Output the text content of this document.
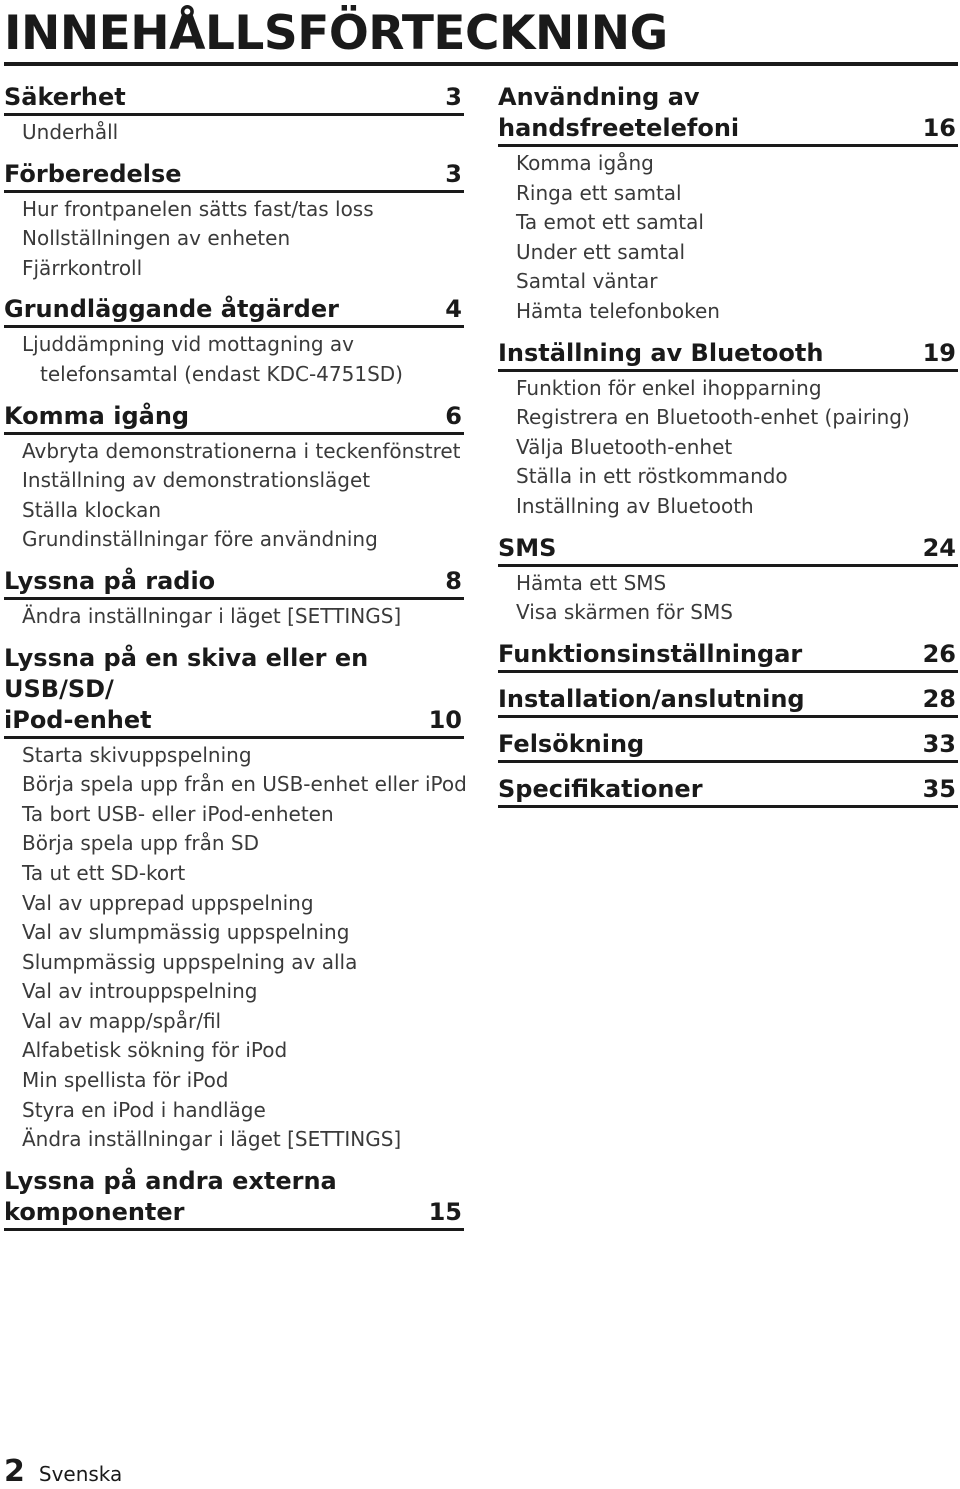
INNEHÅLLSFÖRTECKNING
Säkerhet	3
Underhåll
Förberedelse	3
Hur frontpanelen sätts fast/tas loss
Nollställningen av enheten
Fjärrkontroll
Grundläggande åtgärder	4
Ljuddämpning vid mottagning av
telefonsamtal (endast KDC-4751SD)
Komma igång	6
Avbryta demonstrationerna i teckenfönstret
Inställning av demonstrationsläget
Ställa klockan
Grundinställningar före användning
Lyssna på radio	8
Ändra inställningar i läget [SETTINGS]
Lyssna på en skiva eller en USB/SD/
iPod-enhet	10
Starta skivuppspelning
Börja spela upp från en USB-enhet eller iPod
Ta bort USB- eller iPod-enheten
Börja spela upp från SD
Ta ut ett SD-kort
Val av upprepad uppspelning
Val av slumpmässig uppspelning
Slumpmässig uppspelning av alla
Val av introuppspelning
Val av mapp/spår/fil
Alfabetisk sökning för iPod
Min spellista för iPod
Styra en iPod i handläge
Ändra inställningar i läget [SETTINGS]
Lyssna på andra externa
komponenter	15
Användning av handsfreetelefoni	16
Komma igång
Ringa ett samtal
Ta emot ett samtal
Under ett samtal
Samtal väntar
Hämta telefonboken
Inställning av Bluetooth	19
Funktion för enkel ihopparning
Registrera en Bluetooth-enhet (pairing)
Välja Bluetooth-enhet
Ställa in ett röstkommando
Inställning av Bluetooth
SMS	24
Hämta ett SMS
Visa skärmen för SMS
Funktionsinställningar	26
Installation/anslutning	28
Felsökning	33
Specifikationer	35
2 Svenska
